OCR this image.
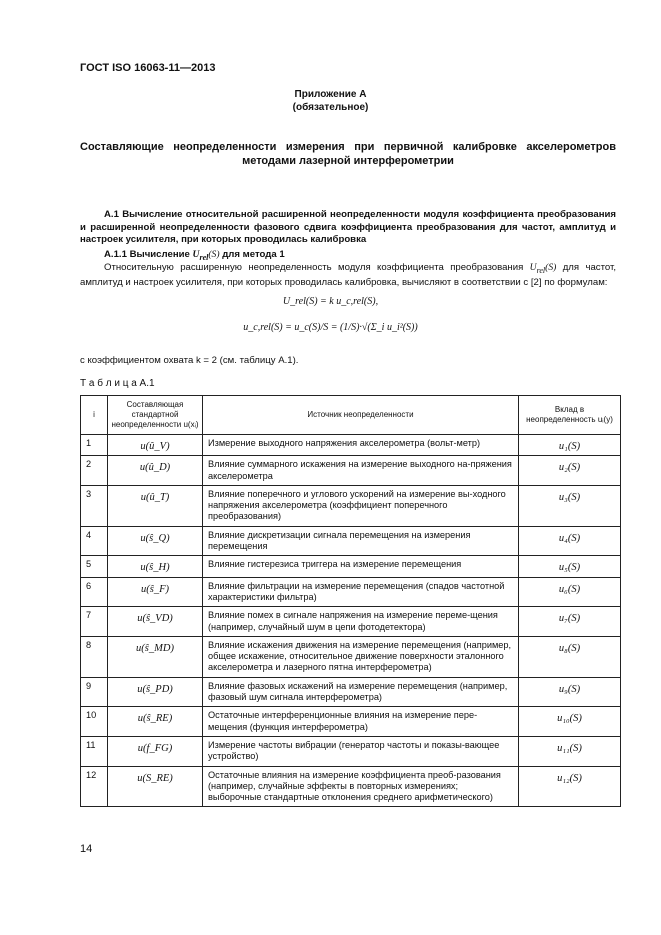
ГОСТ ISO 16063-11—2013
Приложение А
(обязательное)
Составляющие неопределенности измерения при первичной калибровке акселерометров
методами лазерной интерферометрии
А.1 Вычисление относительной расширенной неопределенности модуля коэффициента преобразования и расширенной неопределенности фазового сдвига коэффициента преобразования для частот, амплитуд и настроек усилителя, при которых проводилась калибровка
А.1.1 Вычисление $U_{rel}(S)$ для метода 1
Относительную расширенную неопределенность модуля коэффициента преобразования $U_{rel}(S)$ для частот, амплитуд и настроек усилителя, при которых проводилась калибровка, вычисляют в соответствии с [2] по формулам:
U_rel(S) = k u_c,rel(S),
u_c,rel(S) = u_c(S)/S = (1/S)·√(Σ_i u_i²(S))
с коэффициентом охвата k = 2 (см. таблицу А.1).
Т а б л и ц а А.1
i	Составляющая стандартной неопределенности u(xᵢ)	Источник неопределенности	Вклад в неопределенность uᵢ(y)
1	u(û_V)	Измерение выходного напряжения акселерометра (вольт-метр)	u₁(S)
2	u(û_D)	Влияние суммарного искажения на измерение выходного на-пряжения акселерометра	u₂(S)
3	u(û_T)	Влияние поперечного и углового ускорений на измерение вы-ходного напряжения акселерометра (коэффициент поперечного преобразования)	u₃(S)
4	u(ŝ_Q)	Влияние дискретизации сигнала перемещения на измерения перемещения	u₄(S)
5	u(ŝ_H)	Влияние гистерезиса триггера на измерение перемещения	u₅(S)
6	u(ŝ_F)	Влияние фильтрации на измерение перемещения (спадов частотной характеристики фильтра)	u₆(S)
7	u(ŝ_VD)	Влияние помех в сигнале напряжения на измерение переме-щения (например, случайный шум в цепи фотодетектора)	u₇(S)
8	u(ŝ_MD)	Влияние искажения движения на измерение перемещения (например, общее искажение, относительное движение поверхности эталонного акселерометра и лазерного пятна интерферометра)	u₈(S)
9	u(ŝ_PD)	Влияние фазовых искажений на измерение перемещения (например, фазовый шум сигнала интерферометра)	u₉(S)
10	u(ŝ_RE)	Остаточные интерференционные влияния на измерение пере-мещения (функция интерферометра)	u₁₀(S)
11	u(f_FG)	Измерение частоты вибрации (генератор частоты и показы-вающее устройство)	u₁₁(S)
12	u(S_RE)	Остаточные влияния на измерение коэффициента преоб-разования (например, случайные эффекты в повторных измерениях; выборочные стандартные отклонения среднего арифметического)	u₁₂(S)
14
